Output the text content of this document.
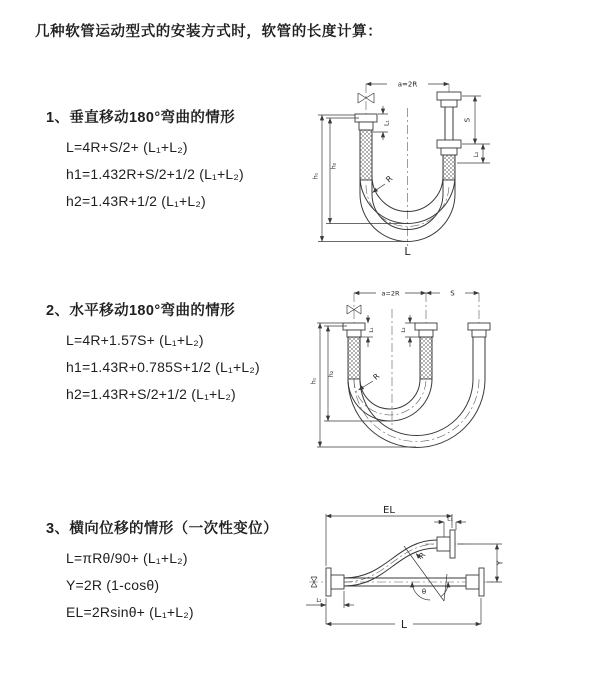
几种软管运动型式的安装方式时，软管的长度计算：
1、垂直移动180°弯曲的情形
L=4R+S/2+ (L₁+L₂)
h1=1.432R+S/2+1/2 (L₁+L₂)
h2=1.43R+1/2 (L₁+L₂)
2、水平移动180°弯曲的情形
L=4R+1.57S+ (L₁+L₂)
h1=1.43R+0.785S+1/2 (L₁+L₂)
h2=1.43R+S/2+1/2 (L₁+L₂)
3、横向位移的情形（一次性变位）
L=πRθ/90+ (L₁+L₂)
Y=2R (1-cosθ)
EL=2Rsinθ+ (L₁+L₂)
a=2R
L₁	S
L₂
h₁
h₂
R
L
a=2R	S
h₁
h₂
L₁	L₂
R
EL
L₁
Y
θ
R
L
L₂
